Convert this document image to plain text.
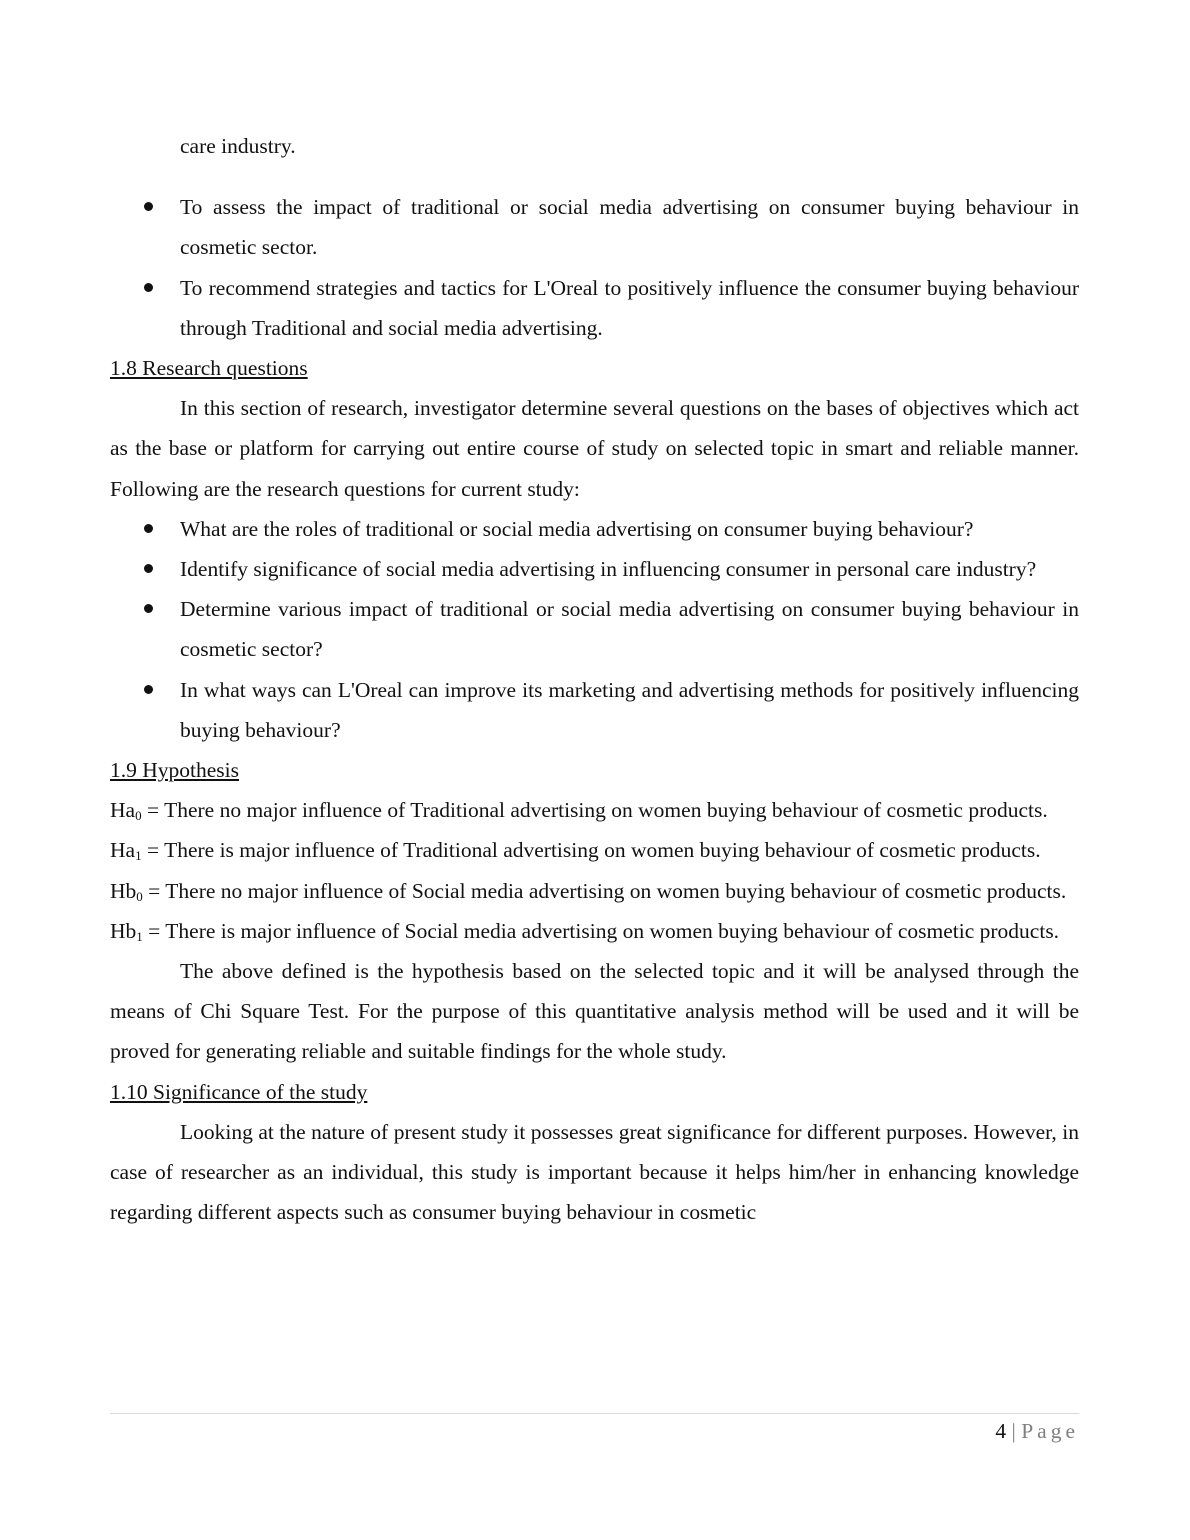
care industry.

To assess the impact of traditional or social media advertising on consumer buying behaviour in cosmetic sector.
To recommend strategies and tactics for L'Oreal to positively influence the consumer buying behaviour through Traditional and social media advertising.

1.8 Research questions

In this section of research, investigator determine several questions on the bases of objectives which act as the base or platform for carrying out entire course of study on selected topic in smart and reliable manner. Following are the research questions for current study:

What are the roles of traditional or social media advertising on consumer buying behaviour?
Identify significance of social media advertising in influencing consumer in personal care industry?
Determine various impact of traditional or social media advertising on consumer buying behaviour in cosmetic sector?
In what ways can L'Oreal can improve its marketing and advertising methods for positively influencing buying behaviour?

1.9 Hypothesis

$Ha_0$ = There no major influence of Traditional advertising on women buying behaviour of cosmetic products.

$Ha_1$ = There is major influence of Traditional advertising on women buying behaviour of cosmetic products.

$Hb_0$ = There no major influence of Social media advertising on women buying behaviour of cosmetic products.

$Hb_1$ = There is major influence of Social media advertising on women buying behaviour of cosmetic products.

The above defined is the hypothesis based on the selected topic and it will be analysed through the means of Chi Square Test. For the purpose of this quantitative analysis method will be used and it will be proved for generating reliable and suitable findings for the whole study.

1.10 Significance of the study

Looking at the nature of present study it possesses great significance for different purposes. However, in case of researcher as an individual, this study is important because it helps him/her in enhancing knowledge regarding different aspects such as consumer buying behaviour in cosmetic

4 | Page
